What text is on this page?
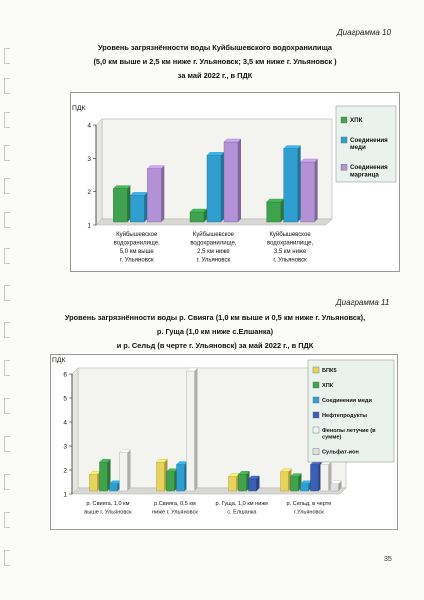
Диаграмма 10
Уровень загрязнённости воды Куйбышевского водохранилища
(5,0 км выше и 2,5 км ниже г. Ульяновск; 3,5 км ниже г. Ульяновск )
за май 2022 г., в ПДК
1
2
3
4
ПДК
Куйбышевское водохранилище, 5,0 км выше г. Ульяновск
Куйбышевское водохранилище, 2,5 км ниже г. Ульяновск
Куйбышевское водохранилище, 3,5 км ниже г. Ульяновск
ХПК
Соединения меди
Соединения марганца
Диаграмма 11
Уровень загрязнённости воды р. Свияга (1,0 км выше и 0,5 км ниже г. Ульяновск),
р. Гуща (1,0 км ниже с.Елшанка)
и р. Сельд (в черте г. Ульяновск) за май 2022 г., в ПДК
1
2
3
4
5
6
ПДК
р. Свияга, 1,0 км выше г. Ульяновск
р.Свияга, 0,5 км ниже г. Ульяновск
р. Гуща, 1,0 км ниже с. Елшанка
р. Сельд, в черте г.Ульяновск
БПК5
ХПК
Соединения меди
Нефтепродукты
Фенолы летучие (в сумме)
Сульфат-ион
35
